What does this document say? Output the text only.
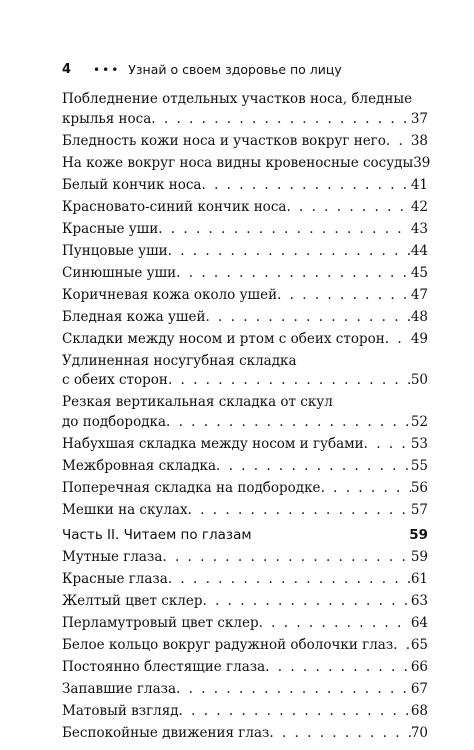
4 ••• Узнай о своем здоровье по лицу
Побледнение отдельных участков носа, бледные
крылья носа . . .	37
Бледность кожи носа и участков вокруг него . . . 38
На коже вокруг носа видны кровеносные сосуды 39
Белый кончик носа . . .	41
Красновато-синий кончик носа . . .	42
Красные уши . . .	43
Пунцовые уши . . .	44
Синюшные уши . . .	45
Коричневая кожа около ушей . . .	47
Бледная кожа ушей . . .	48
Складки между носом и ртом с обеих сторон . . . 49
Удлиненная носугубная складка
с обеих сторон . . .	50
Резкая вертикальная складка от скул
до подбородка . . .	52
Набухшая складка между носом и губами . . .	53
Межбровная складка . . .	55
Поперечная складка на подбородке . . .	56
Мешки на скулах . . .	57
Часть II. Читаем по глазам	59
Мутные глаза . . .	59
Красные глаза . . .	61
Желтый цвет склер . . .	63
Перламутровый цвет склер . . .	64
Белое кольцо вокруг радужной оболочки глаз . . . 65
Постоянно блестящие глаза . . .	66
Запавшие глаза . . .	67
Матовый взгляд . . .	68
Беспокойные движения глаз . . .	70
